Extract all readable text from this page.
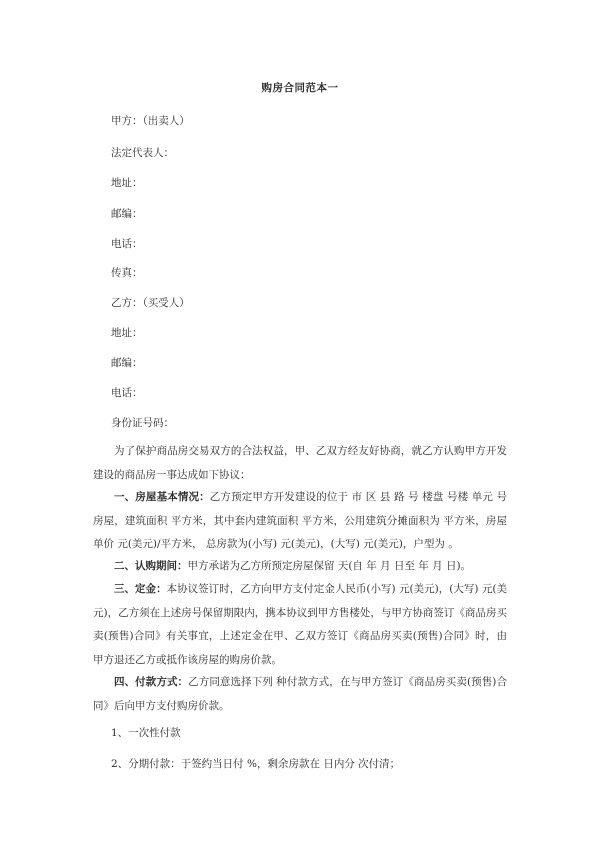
购房合同范本一
甲方：（出卖人）
法定代表人：
地址：
邮编：
电话：
传真：
乙方：（买受人）
地址：
邮编：
电话：
身份证号码：

为了保护商品房交易双方的合法权益，甲、乙双方经友好协商，就乙方认购甲方开发建设的商品房一事达成如下协议：

一、房屋基本情况：乙方预定甲方开发建设的位于 市 区 县 路 号 楼盘 号楼 单元 号房屋，建筑面积 平方米，其中套内建筑面积 平方米，公用建筑分摊面积为 平方米，房屋单价 元(美元)/平方米， 总房款为(小写) 元(美元)，(大写) 元(美元)，户型为 。

二、认购期间：甲方承诺为乙方所预定房屋保留 天(自 年 月 日至 年 月 日)。

三、定金：本协议签订时，乙方向甲方支付定金人民币(小写) 元(美元)，(大写) 元(美元)，乙方须在上述房号保留期限内，携本协议到甲方售楼处，与甲方协商签订《商品房买卖(预售)合同》有关事宜，上述定金在甲、乙双方签订《商品房买卖(预售)合同》时，由甲方退还乙方或抵作该房屋的购房价款。

四、付款方式：乙方同意选择下列 种付款方式，在与甲方签订《商品房买卖(预售)合同》后向甲方支付购房价款。

1、一次性付款
2、分期付款：于签约当日付 %，剩余房款在 日内分 次付清；
